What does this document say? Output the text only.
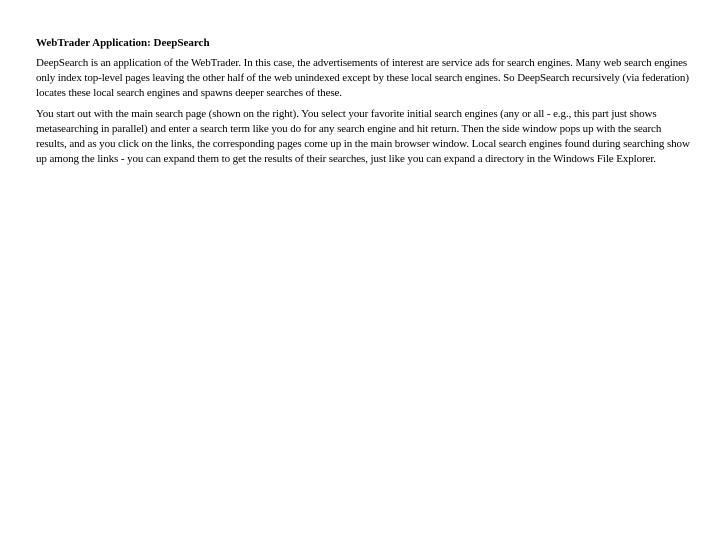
WebTrader Application: DeepSearch

DeepSearch is an application of the WebTrader. In this case, the advertisements of interest are service ads for search engines. Many web search engines only index top-level pages leaving the other half of the web unindexed except by these local search engines. So DeepSearch recursively (via federation) locates these local search engines and spawns deeper searches of these.

You start out with the main search page (shown on the right). You select your favorite initial search engines (any or all - e.g., this part just shows metasearching in parallel) and enter a search term like you do for any search engine and hit return. Then the side window pops up with the search results, and as you click on the links, the corresponding pages come up in the main browser window. Local search engines found during searching show up among the links - you can expand them to get the results of their searches, just like you can expand a directory in the Windows File Explorer.
